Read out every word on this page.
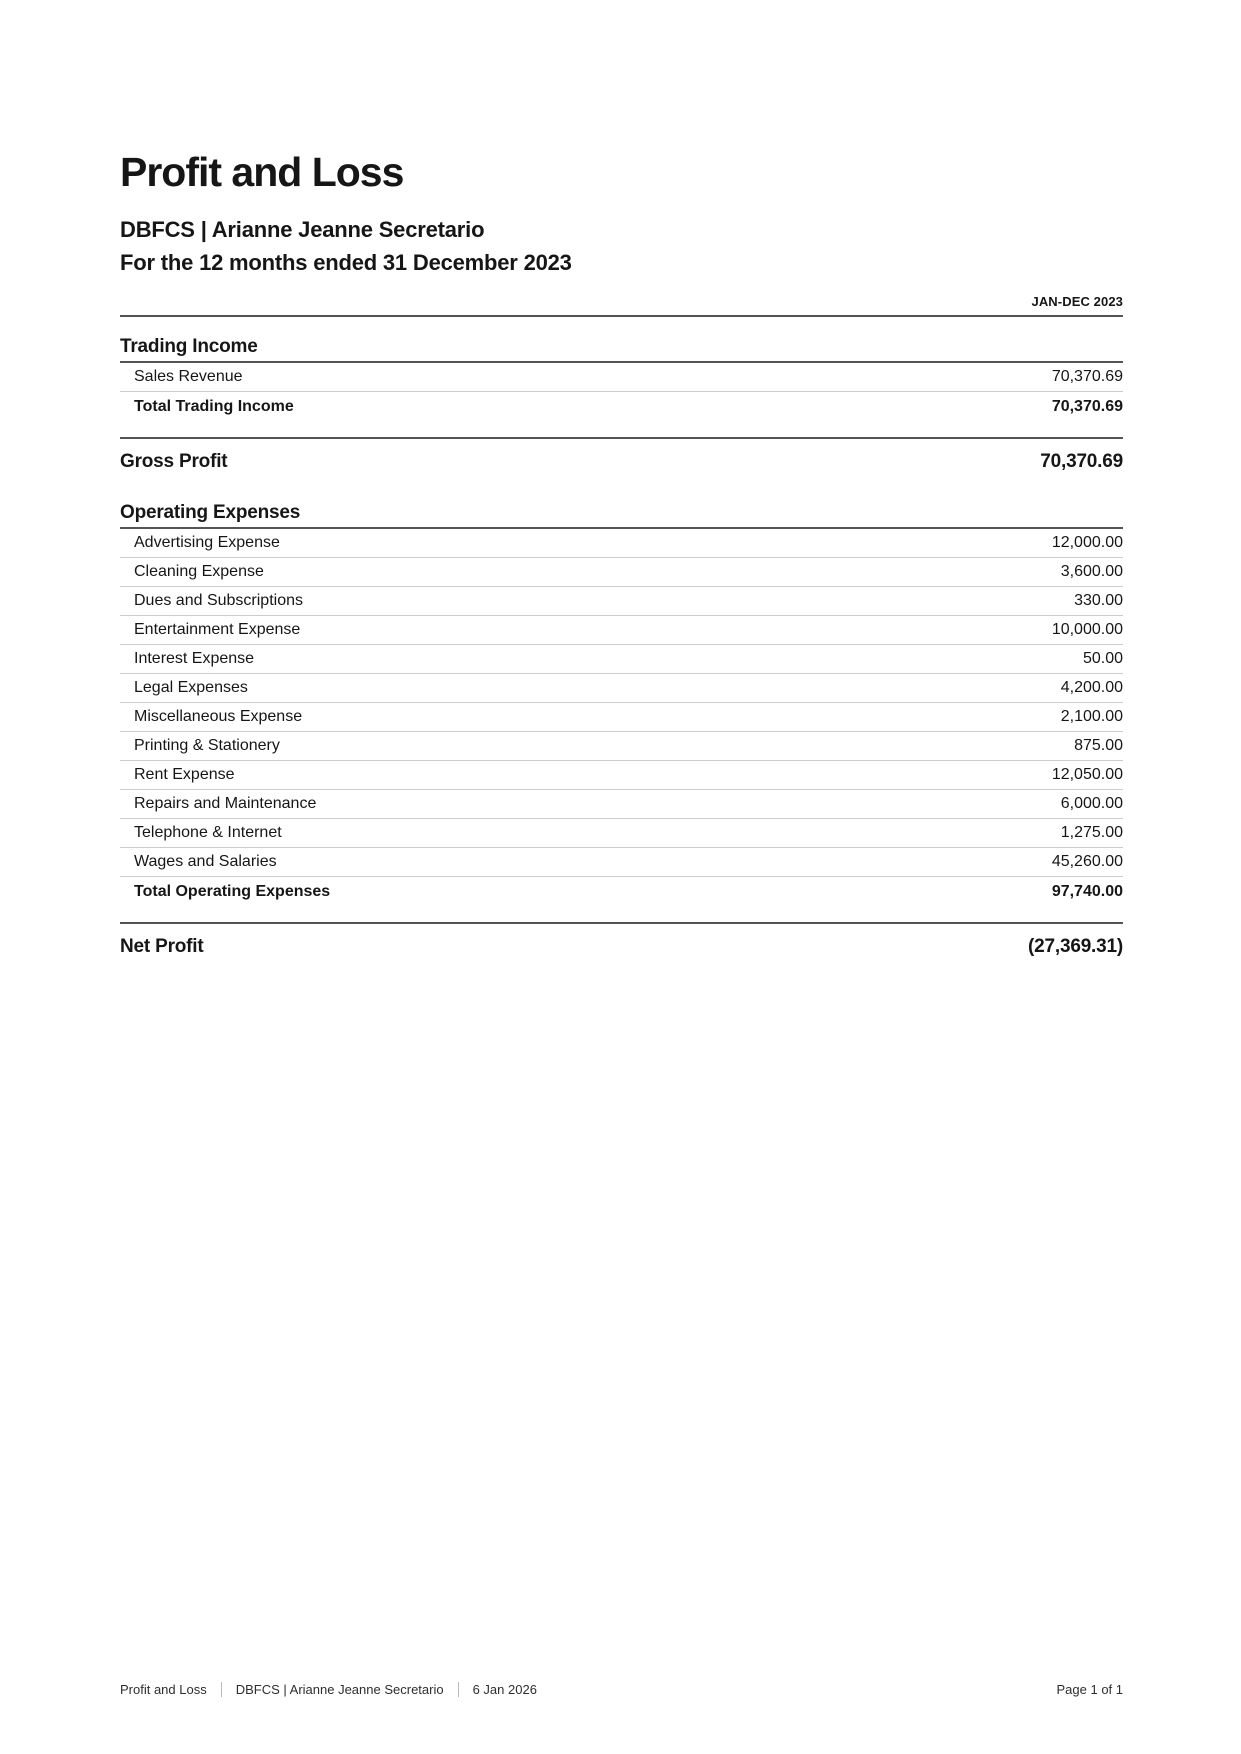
Profit and Loss
DBFCS | Arianne Jeanne Secretario
For the 12 months ended 31 December 2023
JAN-DEC 2023
Trading Income
Sales Revenue	70,370.69
Total Trading Income	70,370.69
Gross Profit	70,370.69
Operating Expenses
Advertising Expense	12,000.00
Cleaning Expense	3,600.00
Dues and Subscriptions	330.00
Entertainment Expense	10,000.00
Interest Expense	50.00
Legal Expenses	4,200.00
Miscellaneous Expense	2,100.00
Printing & Stationery	875.00
Rent Expense	12,050.00
Repairs and Maintenance	6,000.00
Telephone & Internet	1,275.00
Wages and Salaries	45,260.00
Total Operating Expenses	97,740.00
Net Profit	(27,369.31)
Profit and Loss DBFCS | Arianne Jeanne Secretario 6 Jan 2026	Page 1 of 1
